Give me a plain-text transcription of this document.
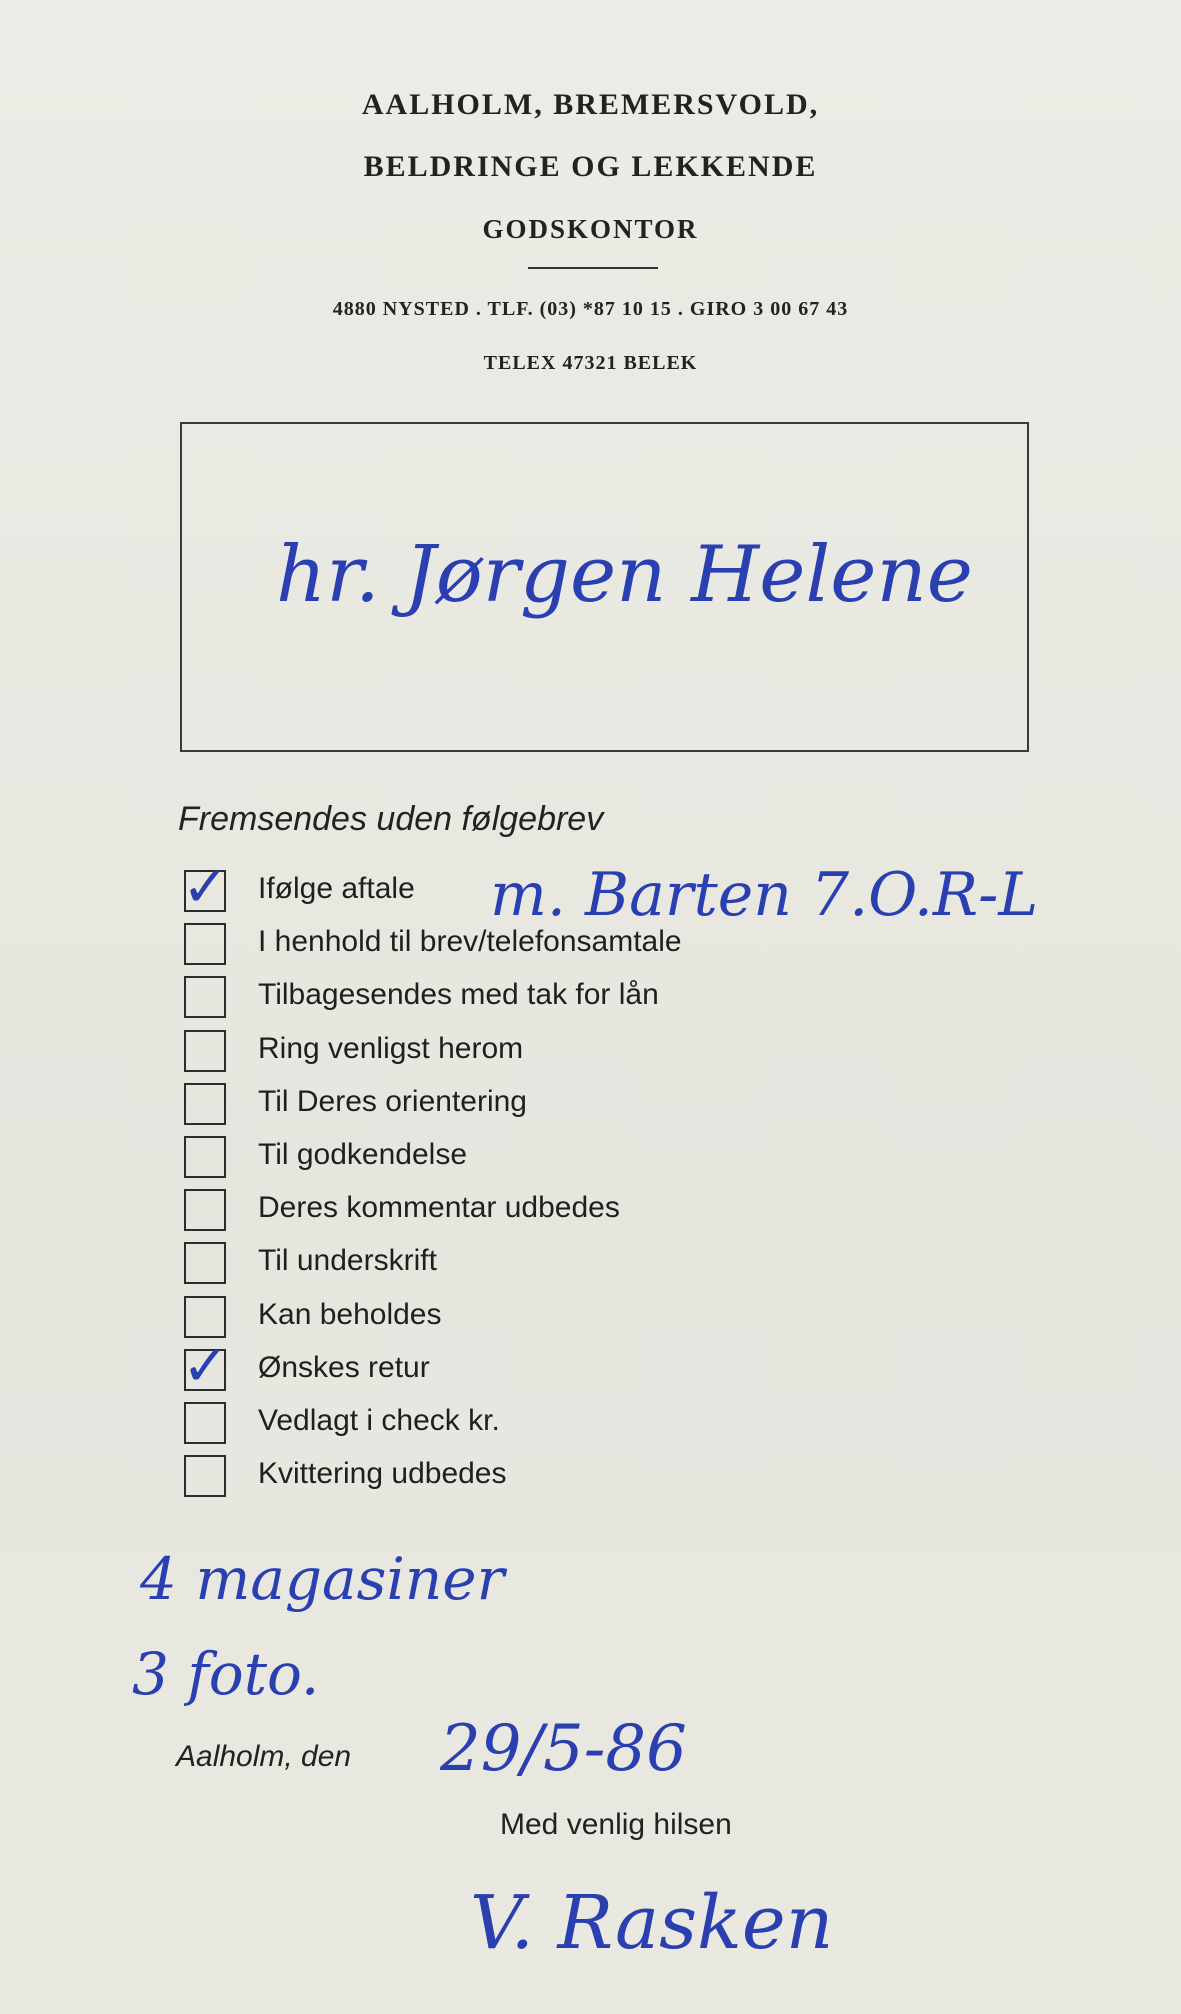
AALHOLM, BREMERSVOLD,
BELDRINGE OG LEKKENDE
GODSKONTOR
4880 NYSTED . TLF. (03) *87 10 15 . GIRO 3 00 67 43
TELEX 47321 BELEK
hr. Jørgen Helene
Fremsendes uden følgebrev
✓ Ifølge aftale
I henhold til brev/telefonsamtale
Tilbagesendes med tak for lån
Ring venligst herom
Til Deres orientering
Til godkendelse
Deres kommentar udbedes
Til underskrift
Kan beholdes
✓ Ønskes retur
Vedlagt i check kr.
Kvittering udbedes
m. Barten 7.O.R-L
4 magasiner
3 foto.
29/5-86
Aalholm, den
Med venlig hilsen
V. Rasken
